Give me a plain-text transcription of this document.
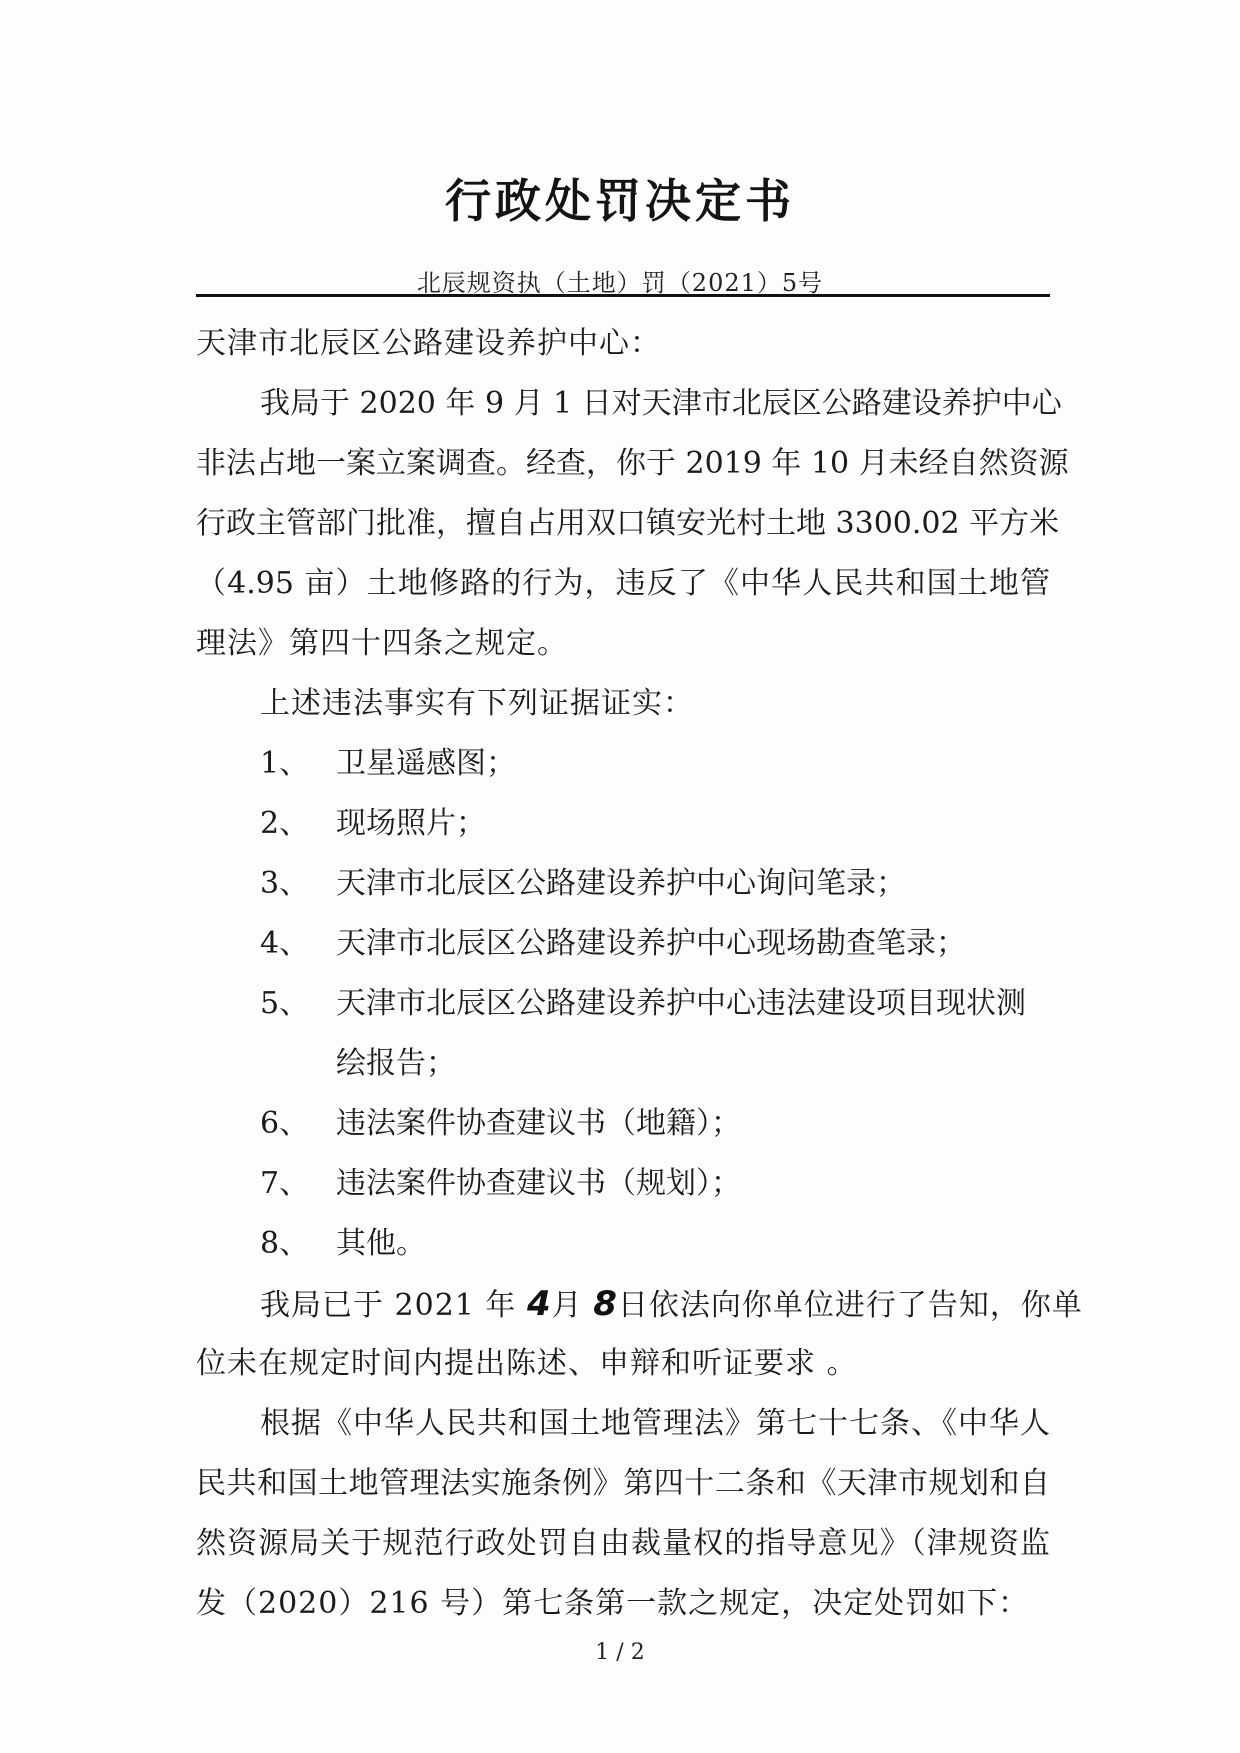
行政处罚决定书
北辰规资执（土地）罚（2021）5号
天津市北辰区公路建设养护中心：
我局于 2020 年 9 月 1 日对天津市北辰区公路建设养护中心
非法占地一案立案调查。经查，你于 2019 年 10 月未经自然资源
行政主管部门批准，擅自占用双口镇安光村土地 3300.02 平方米
（4.95 亩）土地修路的行为，违反了《中华人民共和国土地管
理法》第四十四条之规定。
上述违法事实有下列证据证实：
1、 卫星遥感图；
2、 现场照片；
3、 天津市北辰区公路建设养护中心询问笔录；
4、 天津市北辰区公路建设养护中心现场勘查笔录；
5、 天津市北辰区公路建设养护中心违法建设项目现状测
绘报告；
6、 违法案件协查建议书（地籍）；
7、 违法案件协查建议书（规划）；
8、 其他。
我局已于 2021 年 4月 8日依法向你单位进行了告知，你单
位未在规定时间内提出陈述、申辩和听证要求 。
根据《中华人民共和国土地管理法》第七十七条、《中华人
民共和国土地管理法实施条例》第四十二条和《天津市规划和自
然资源局关于规范行政处罚自由裁量权的指导意见》（津规资监
发（2020）216 号）第七条第一款之规定，决定处罚如下：
1 / 2
